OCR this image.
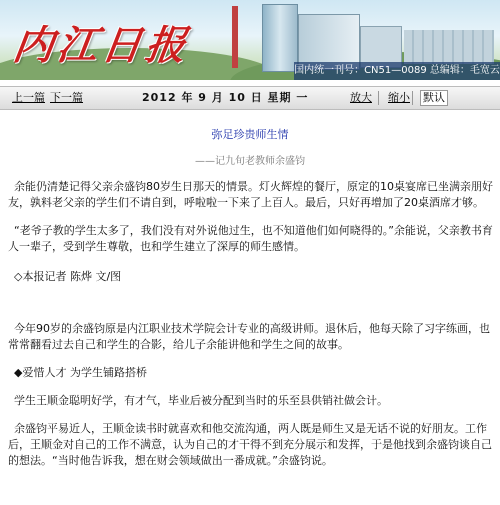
内江日报
国内统一刊号：CN51—0089 总编辑：毛宽云
上一篇 下一篇	2012 年 9 月 10 日 星期 一	放大 缩小 默认
弥足珍贵师生情
——记九旬老教师余盛钧

余能仍清楚记得父亲余盛钧80岁生日那天的情景。灯火辉煌的餐厅，原定的10桌宴席已坐满亲朋好友，孰料老父亲的学生们不请自到，呼啦啦一下来了上百人。最后，只好再增加了20桌酒席才够。

“老爷子教的学生太多了，我们没有对外说他过生，也不知道他们如何晓得的。”余能说，父亲教书育人一辈子，受到学生尊敬，也和学生建立了深厚的师生感情。

◇本报记者 陈烨 文/图

今年90岁的余盛钧原是内江职业技术学院会计专业的高级讲师。退休后，他每天除了习字练画，也常常翻看过去自己和学生的合影，给儿子余能讲他和学生之间的故事。

◆爱惜人才 为学生铺路搭桥

学生王顺金聪明好学，有才气，毕业后被分配到当时的乐至县供销社做会计。

余盛钧平易近人，王顺金读书时就喜欢和他交流沟通，两人既是师生又是无话不说的好朋友。工作后，王顺金对自己的工作不满意，认为自己的才干得不到充分展示和发挥，于是他找到余盛钧谈自己的想法。“当时他告诉我，想在财会领域做出一番成就。”余盛钧说。
